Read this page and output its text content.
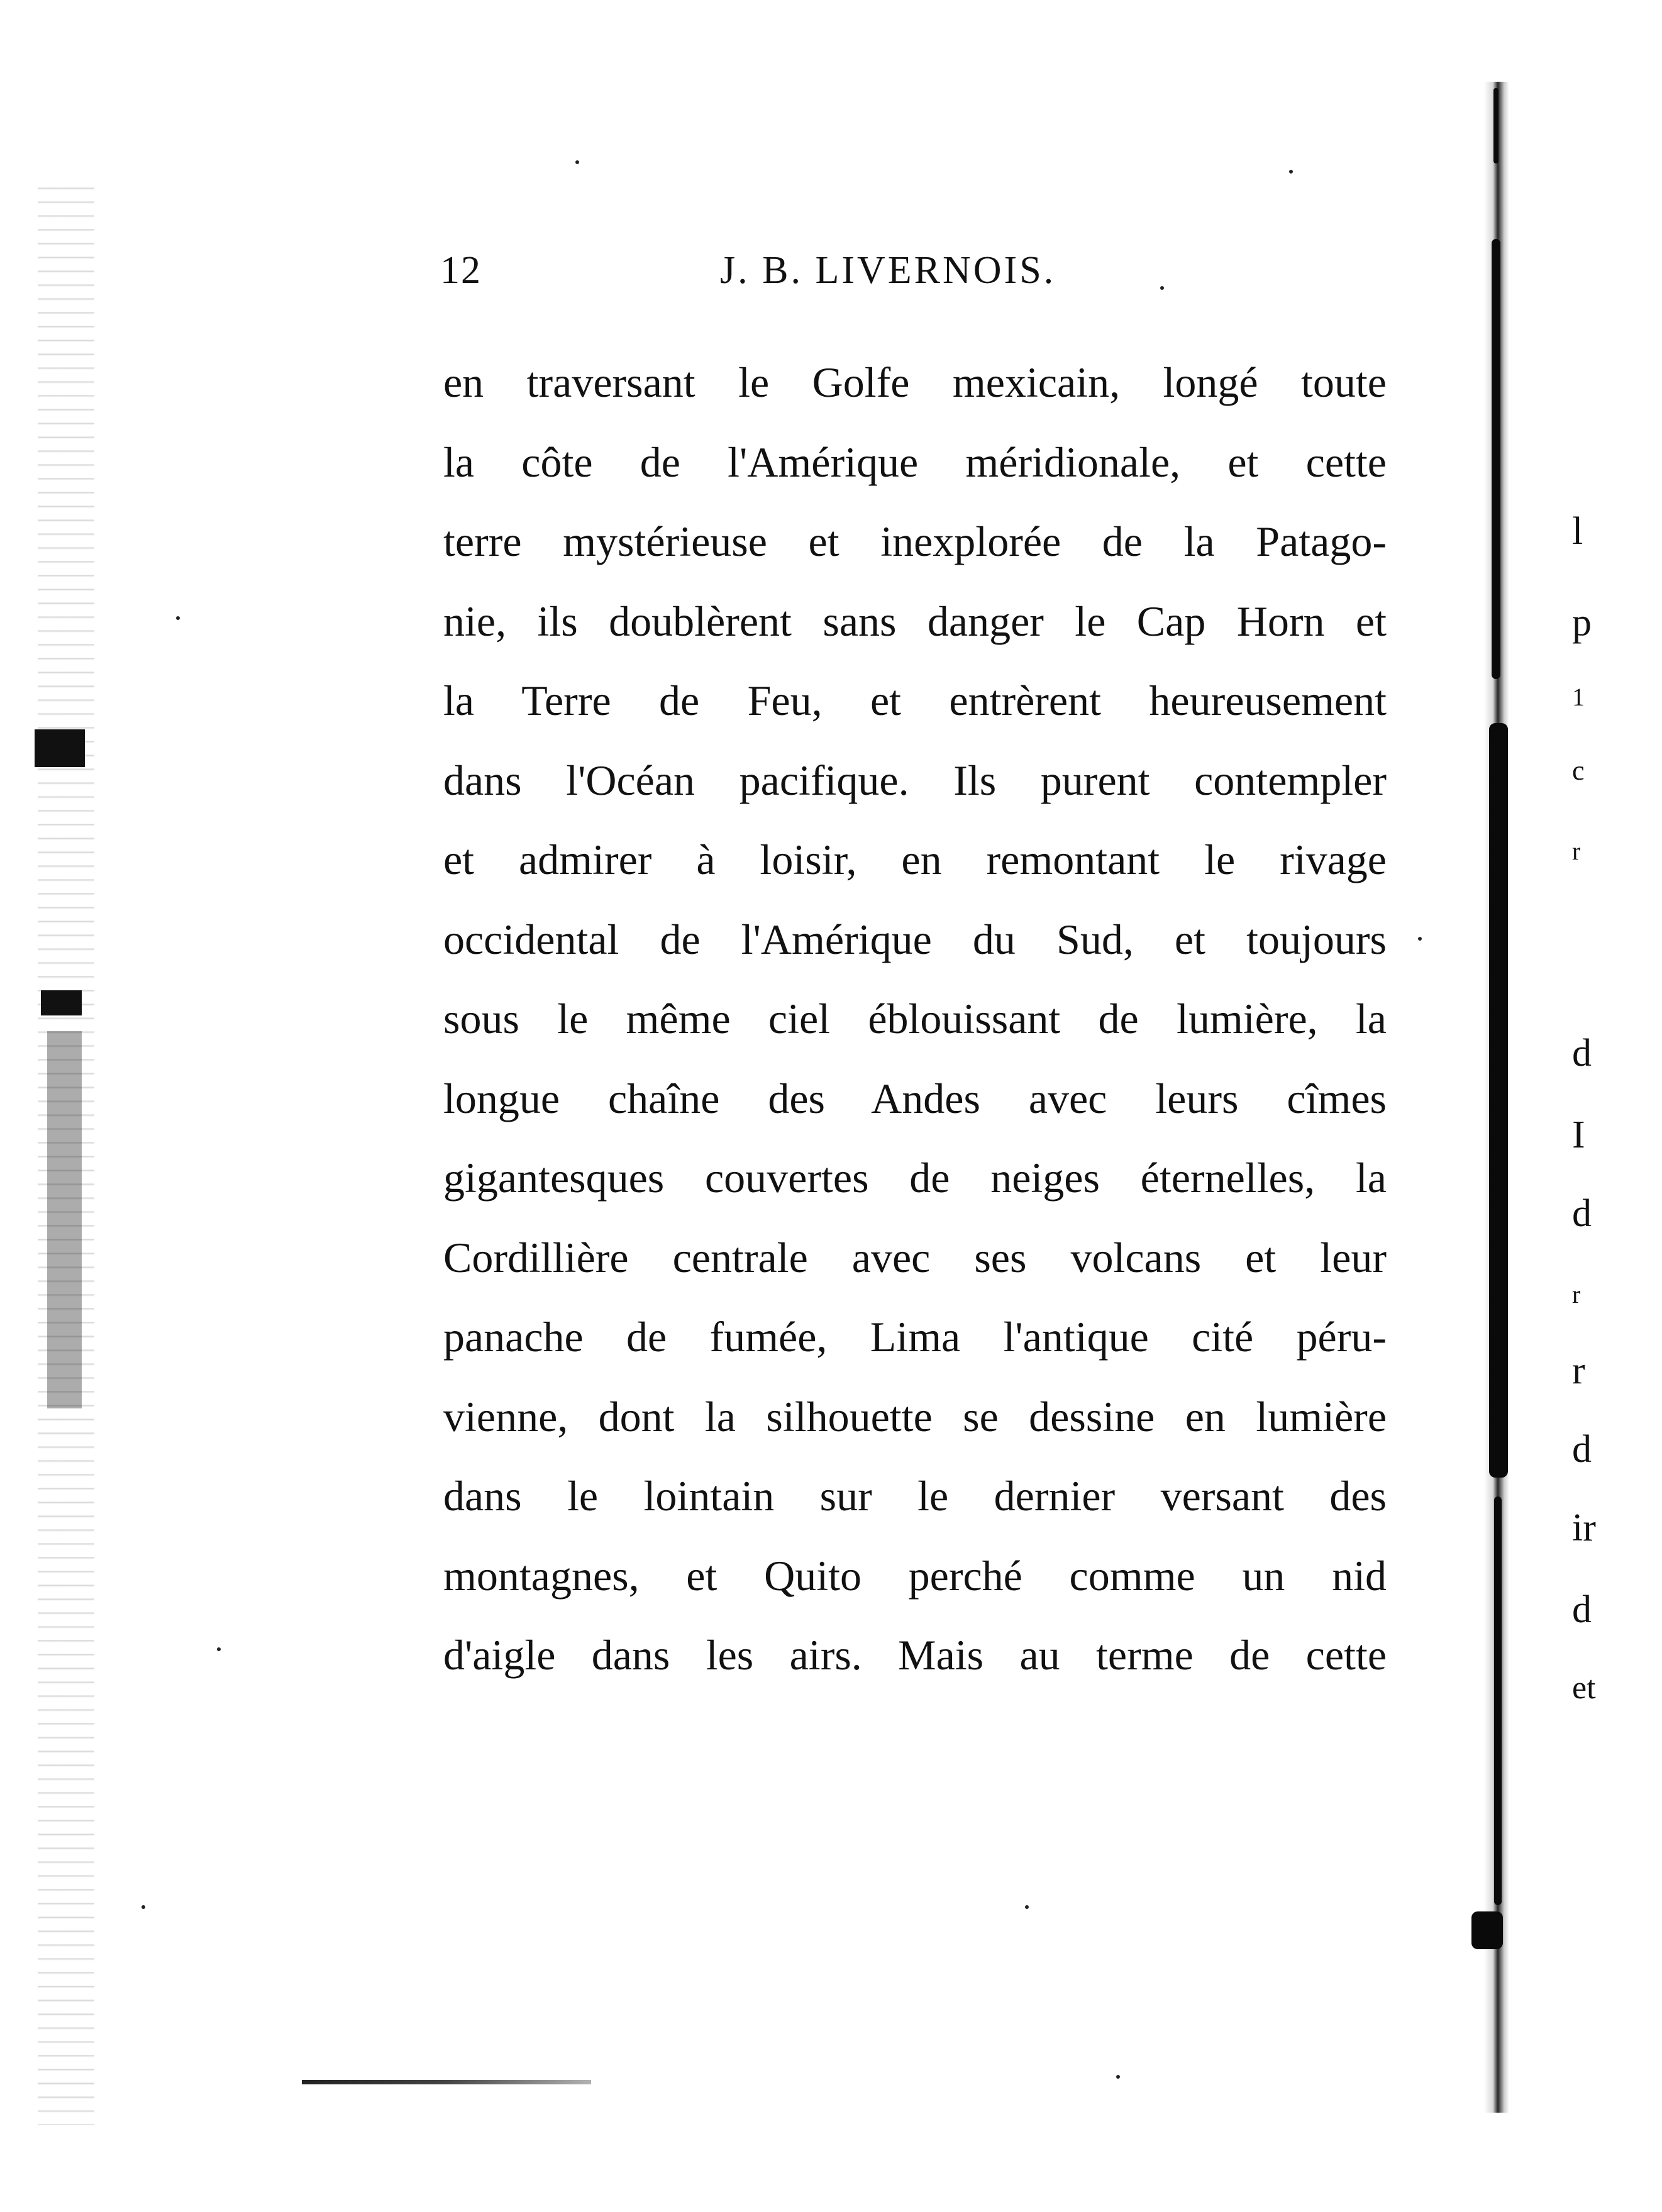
12	J. B. LIVERNOIS.
en traversant le Golfe mexicain, longé toute
la côte de l'Amérique méridionale, et cette
terre mystérieuse et inexplorée de la Patago-
nie, ils doublèrent sans danger le Cap Horn et
la Terre de Feu, et entrèrent heureusement
dans l'Océan pacifique. Ils purent contempler
et admirer à loisir, en remontant le rivage
occidental de l'Amérique du Sud, et toujours
sous le même ciel éblouissant de lumière, la
longue chaîne des Andes avec leurs cîmes
gigantesques couvertes de neiges éternelles, la
Cordillière centrale avec ses volcans et leur
panache de fumée, Lima l'antique cité péru-
vienne, dont la silhouette se dessine en lumière
dans le lointain sur le dernier versant des
montagnes, et Quito perché comme un nid
d'aigle dans les airs. Mais au terme de cette
l
p
1
c
r
d
I
d
r
r
d
ir
d
et
